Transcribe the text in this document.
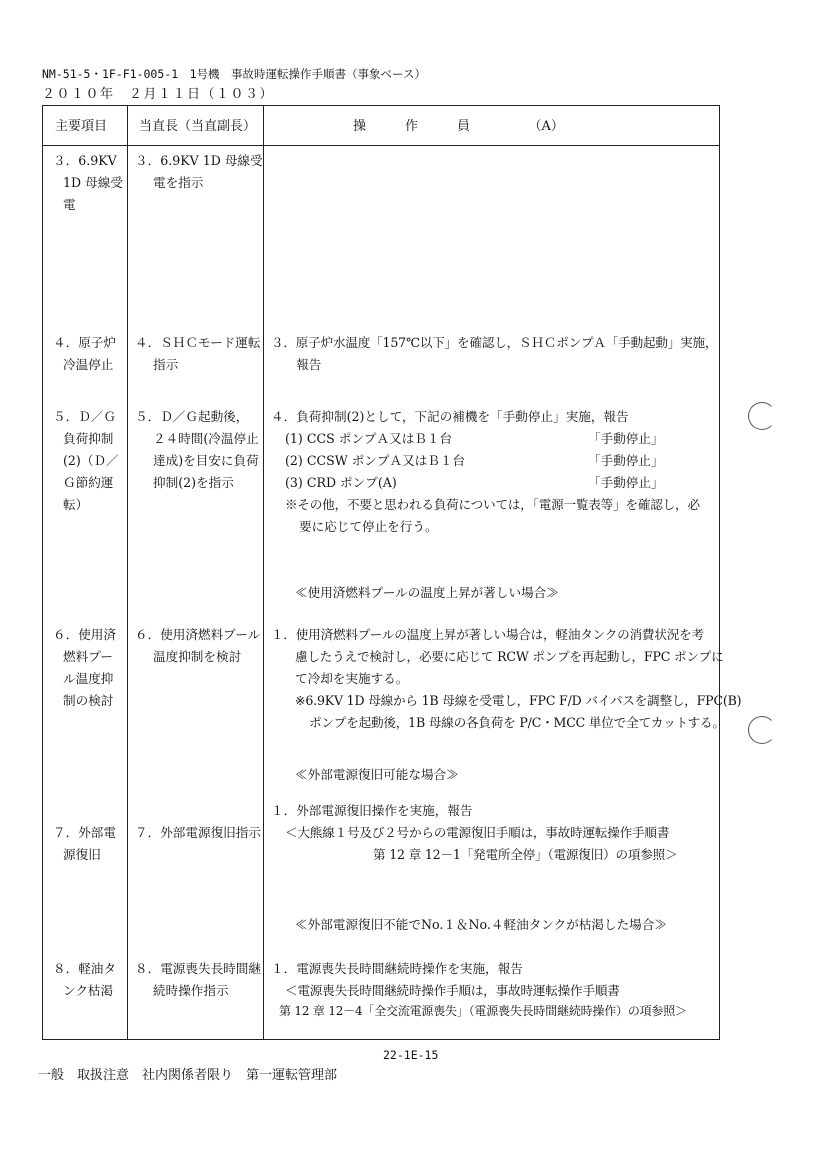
NM-51-5・1F-F1-005-1　1号機　事故時運転操作手順書（事象ベース）
２０１０年　２月１１日（１０３）
主要項目 当直長（当直副長）	操　　　作　　　員　　　　　（A）
３．6.9KV
1D 母線受
電
３．6.9KV 1D 母線受
電を指示
４．原子炉
冷温停止
４．ＳＨＣモード運転
指示
３．原子炉水温度「157℃以下」を確認し，ＳＨＣポンプＡ「手動起動」実施，
　　報告
５．Ｄ／Ｇ
負荷抑制
(2)（Ｄ／
Ｇ節約運
転）
５．Ｄ／Ｇ起動後，
２４時間(冷温停止
達成)を目安に負荷
抑制(2)を指示
４．負荷抑制(2)として，下記の補機を「手動停止」実施，報告
(1) CCS ポンプＡ又はＢ１台
(2) CCSW ポンプＡ又はＢ１台
(3) CRD ポンプ(A)
「手動停止」
「手動停止」
「手動停止」
※その他，不要と思われる負荷については，「電源一覧表等」を確認し，必
要に応じて停止を行う。
≪使用済燃料プールの温度上昇が著しい場合≫
６．使用済
燃料プー
ル温度抑
制の検討
６．使用済燃料プール
温度抑制を検討
１．使用済燃料プールの温度上昇が著しい場合は，軽油タンクの消費状況を考
慮したうえで検討し，必要に応じて RCW ポンプを再起動し，FPC ポンプに
て冷却を実施する。
※6.9KV 1D 母線から 1B 母線を受電し，FPC F/D バイパスを調整し，FPC(B)
ポンプを起動後，1B 母線の各負荷を P/C・MCC 単位で全てカットする。
≪外部電源復旧可能な場合≫
７．外部電
源復旧
７．外部電源復旧指示
１．外部電源復旧操作を実施，報告
＜大熊線１号及び２号からの電源復旧手順は，事故時運転操作手順書
第 12 章 12－1「発電所全停」（電源復旧）の項参照＞
≪外部電源復旧不能でNo.１＆No.４軽油タンクが枯渇した場合≫
８．軽油タ
ンク枯渇
８．電源喪失長時間継
続時操作指示
１．電源喪失長時間継続時操作を実施，報告
＜電源喪失長時間継続時操作手順は，事故時運転操作手順書
第 12 章 12－4「全交流電源喪失」（電源喪失長時間継続時操作）の項参照＞
22-1E-15
一般　取扱注意　社内関係者限り　第一運転管理部
